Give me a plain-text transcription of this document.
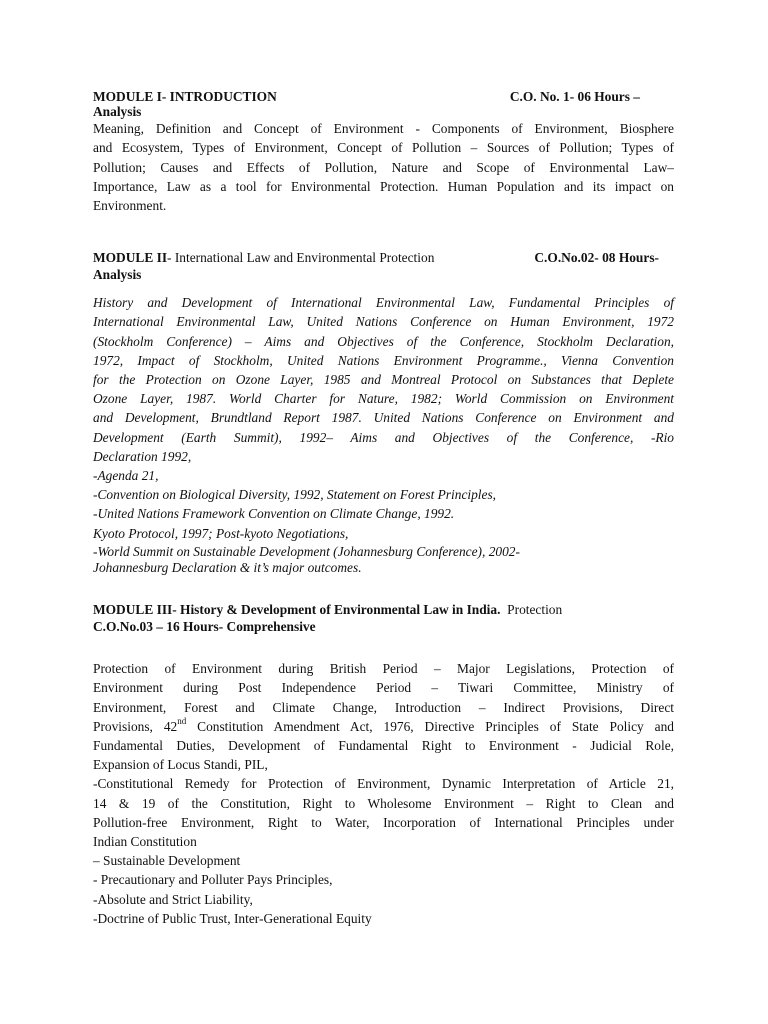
MODULE I- INTRODUCTION	C.O. No. 1- 06 Hours –
Analysis
Meaning, Definition and Concept of Environment - Components of Environment, Biosphere
and Ecosystem, Types of Environment, Concept of Pollution – Sources of Pollution; Types of
Pollution; Causes and Effects of Pollution, Nature and Scope of Environmental Law–
Importance, Law as a tool for Environmental Protection. Human Population and its impact on
Environment.
MODULE II- International Law and Environmental Protection	C.O.No.02- 08 Hours-
Analysis
History and Development of International Environmental Law, Fundamental Principles of
International Environmental Law, United Nations Conference on Human Environment, 1972
(Stockholm Conference) – Aims and Objectives of the Conference, Stockholm Declaration,
1972, Impact of Stockholm, United Nations Environment Programme., Vienna Convention
for the Protection on Ozone Layer, 1985 and Montreal Protocol on Substances that Deplete
Ozone Layer, 1987. World Charter for Nature, 1982; World Commission on Environment
and Development, Brundtland Report 1987. United Nations Conference on Environment and
Development (Earth Summit), 1992– Aims and Objectives of the Conference, -Rio
Declaration 1992,
-Agenda 21,
-Convention on Biological Diversity, 1992, Statement on Forest Principles,
-United Nations Framework Convention on Climate Change, 1992.
Kyoto Protocol, 1997; Post-kyoto Negotiations,
-World Summit on Sustainable Development (Johannesburg Conference), 2002-
Johannesburg Declaration & it’s major outcomes.
MODULE III- History & Development of Environmental Law in India. Protection
C.O.No.03 – 16 Hours- Comprehensive
Protection of Environment during British Period – Major Legislations, Protection of
Environment during Post Independence Period – Tiwari Committee, Ministry of
Environment, Forest and Climate Change, Introduction – Indirect Provisions, Direct
Provisions, 42nd Constitution Amendment Act, 1976, Directive Principles of State Policy and
Fundamental Duties, Development of Fundamental Right to Environment - Judicial Role,
Expansion of Locus Standi, PIL,
-Constitutional Remedy for Protection of Environment, Dynamic Interpretation of Article 21,
14 & 19 of the Constitution, Right to Wholesome Environment – Right to Clean and
Pollution-free Environment, Right to Water, Incorporation of International Principles under
Indian Constitution
– Sustainable Development
- Precautionary and Polluter Pays Principles,
-Absolute and Strict Liability,
-Doctrine of Public Trust, Inter-Generational Equity
